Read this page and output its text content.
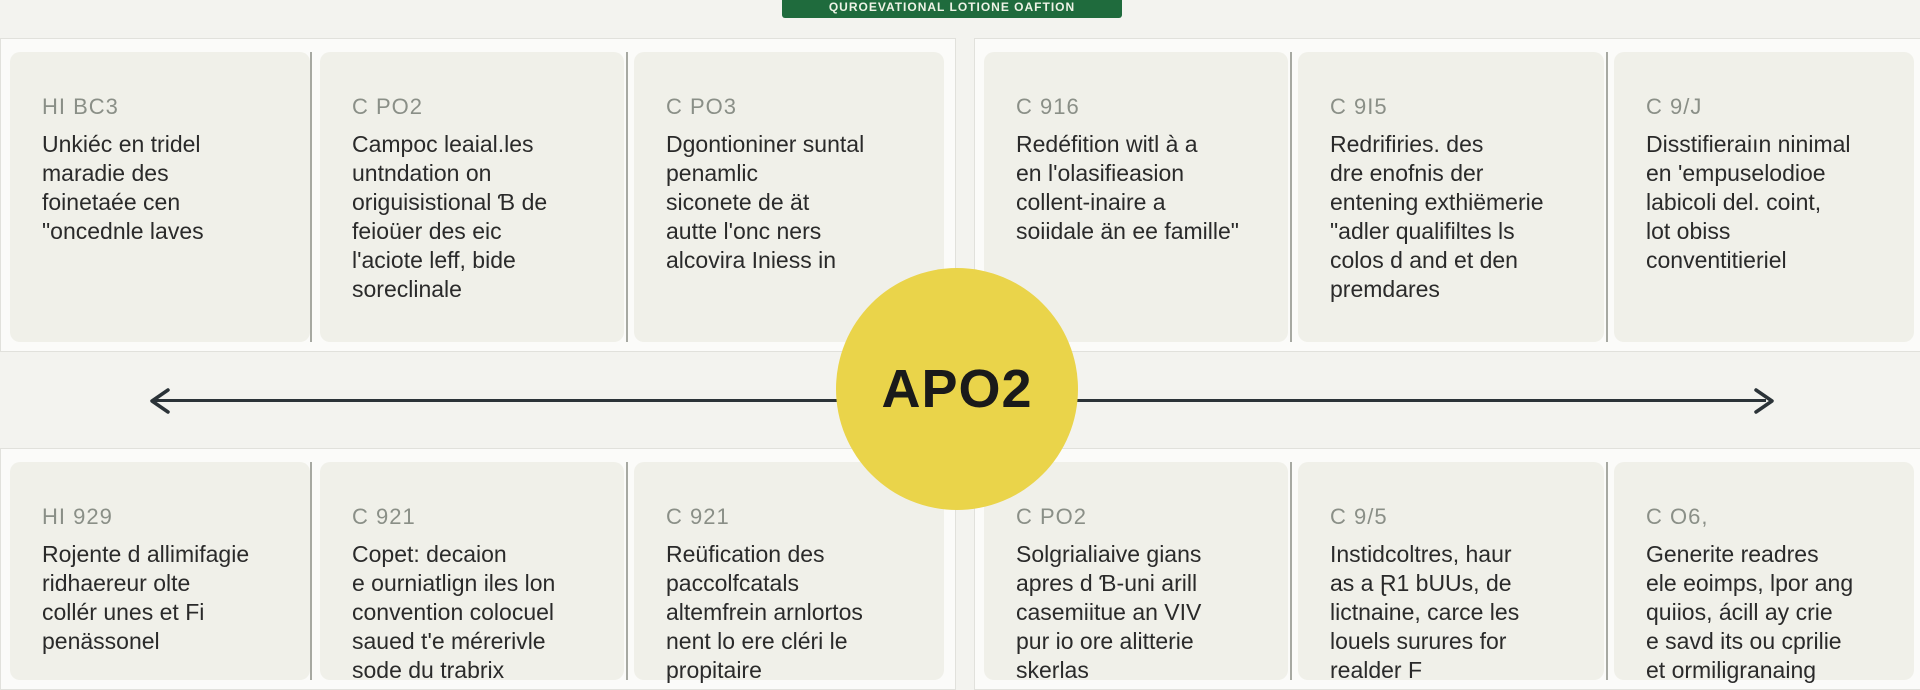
QUROEVATIONAL LOTIONE OAFTION
HI BC3
Unkiéc en tridel
maradie des
foinetaée cen
"oncednle laves
C PO2
Campoc leaial.les
untndation on
origuisistional Ɓ de
feioüer des eic
l'aciote leff, bide
soreclinale
C PO3
Dgontioniner suntal
penamlic
siconete de ät
autte l'onc ners
alcovira Iniess in
C 916
Redéfition witl à a
en l'olasifieasion
collent-inaire a
soiidale än ee famille"
C 9I5
Redrifiries. des
dre enofnis der
entening exthiëmerie
"adler qualifiltes ls
colos d and et den
premdares
C 9/J
Disstifieraiın ninimal
en 'empuselodioe
labicoli del. coint,
lot obiss
conventitieriel
HI 929
Rojente d allimifagie
ridhaereur olte
collér unes et Fi
penässonel
C 921
Copet: decaion
e ourniatlign iles lon
convention colocuel
saued t'e mérerivle
sode du trabrix
C 921
Reüfication des
paccolfcatals
altemfrein arnlortos
nent lo ere cléri le
propitaire
C PO2
Solgrialiaive gians
apres d Ɓ-uni arill
casemiitue an VIV
pur io ore alitterie
skerlas
C 9/5
Instidcoltres, haur
as a Ɽ1 bUUs, de
lictnaine, carce les
louels surures for
realder F
C O6,
Generite readres
ele eoimps, lpor ang
quiios, ácill ay crie
e savd its ou cprilie
et ormiligranaing
APO2
